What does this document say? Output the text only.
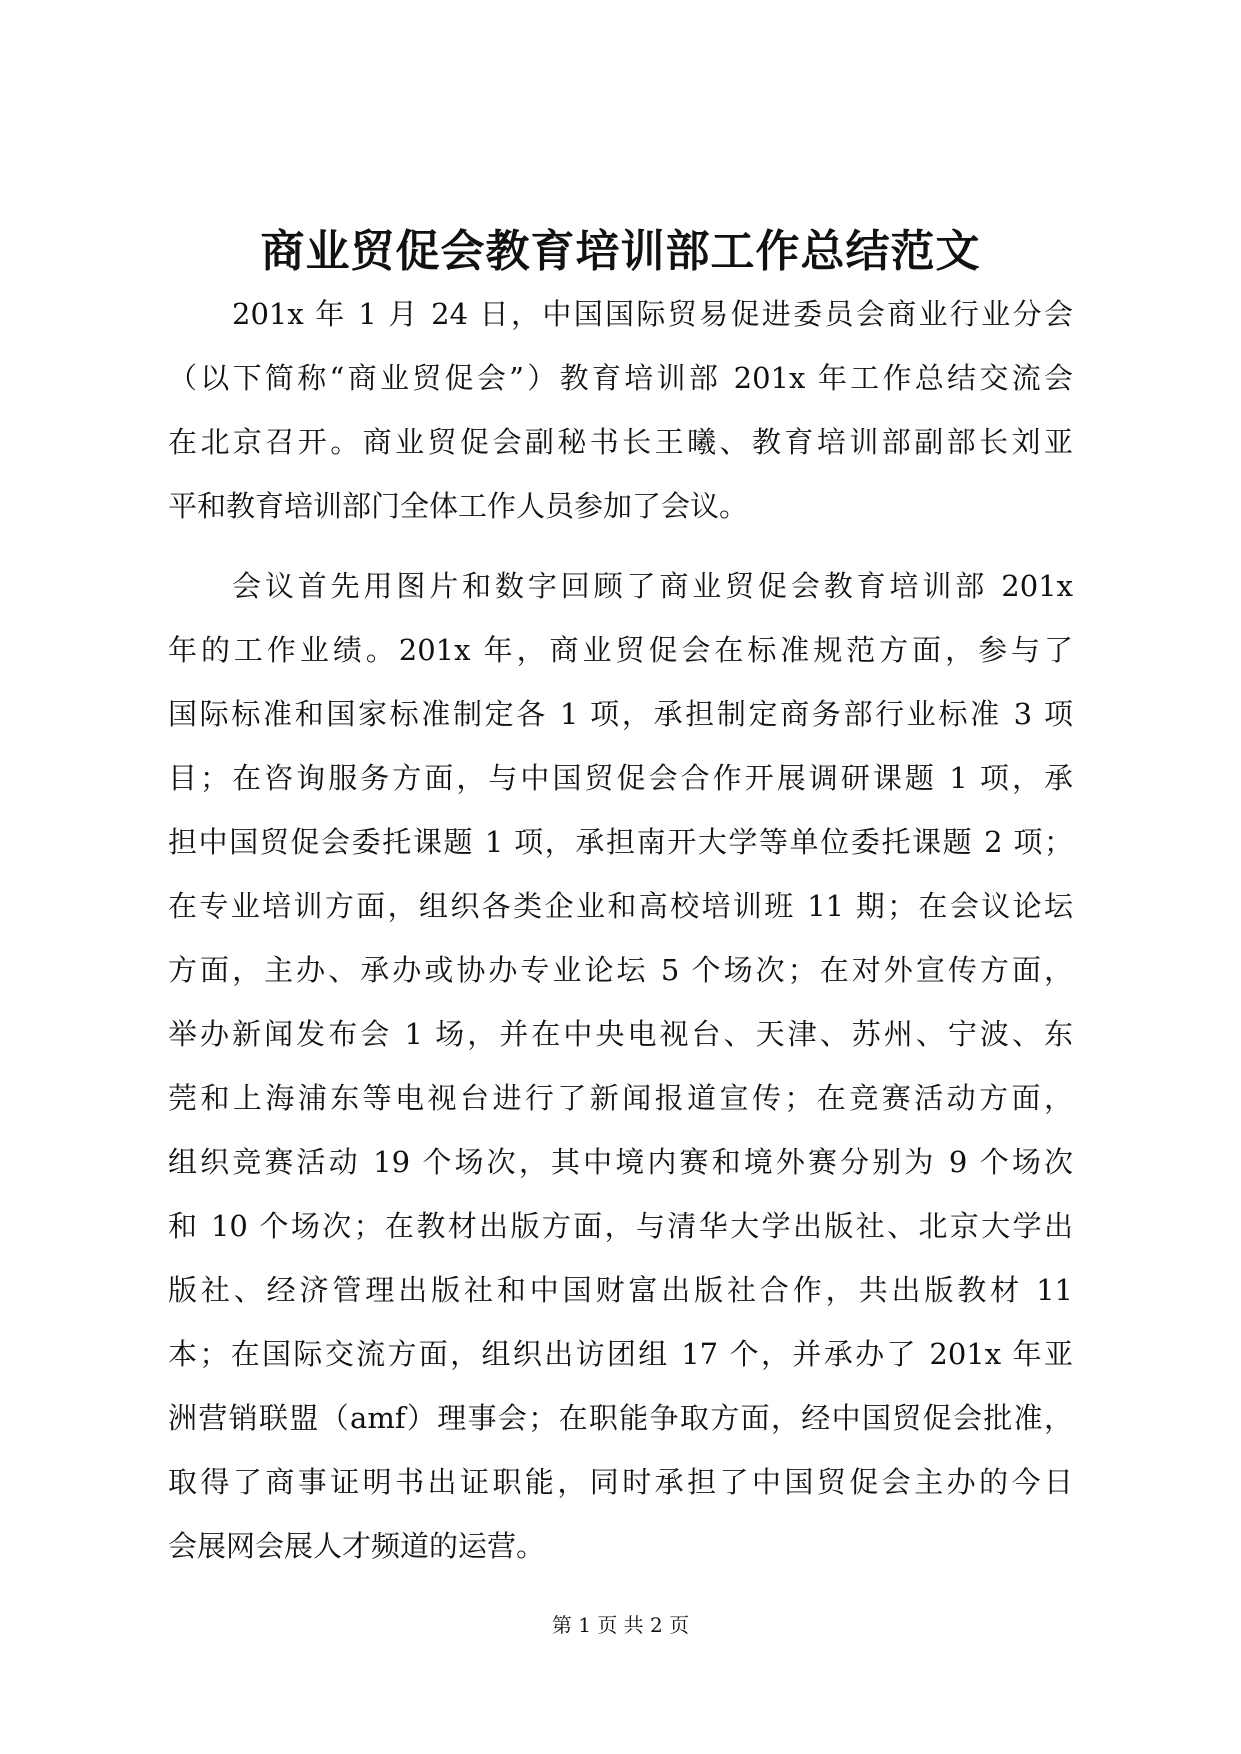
商业贸促会教育培训部工作总结范文
201x 年 1 月 24 日，中国国际贸易促进委员会商业行业分会
（以下简称“商业贸促会”）教育培训部 201x 年工作总结交流会
在北京召开。商业贸促会副秘书长王曦、教育培训部副部长刘亚
平和教育培训部门全体工作人员参加了会议。
会议首先用图片和数字回顾了商业贸促会教育培训部 201x
年的工作业绩。201x 年，商业贸促会在标准规范方面，参与了
国际标准和国家标准制定各 1 项，承担制定商务部行业标准 3 项
目；在咨询服务方面，与中国贸促会合作开展调研课题 1 项，承
担中国贸促会委托课题 1 项，承担南开大学等单位委托课题 2 项；
在专业培训方面，组织各类企业和高校培训班 11 期；在会议论坛
方面，主办、承办或协办专业论坛 5 个场次；在对外宣传方面，
举办新闻发布会 1 场，并在中央电视台、天津、苏州、宁波、东
莞和上海浦东等电视台进行了新闻报道宣传；在竞赛活动方面，
组织竞赛活动 19 个场次，其中境内赛和境外赛分别为 9 个场次
和 10 个场次；在教材出版方面，与清华大学出版社、北京大学出
版社、经济管理出版社和中国财富出版社合作，共出版教材 11
本；在国际交流方面，组织出访团组 17 个，并承办了 201x 年亚
洲营销联盟（amf）理事会；在职能争取方面，经中国贸促会批准，
取得了商事证明书出证职能，同时承担了中国贸促会主办的今日
会展网会展人才频道的运营。
第 1 页 共 2 页
